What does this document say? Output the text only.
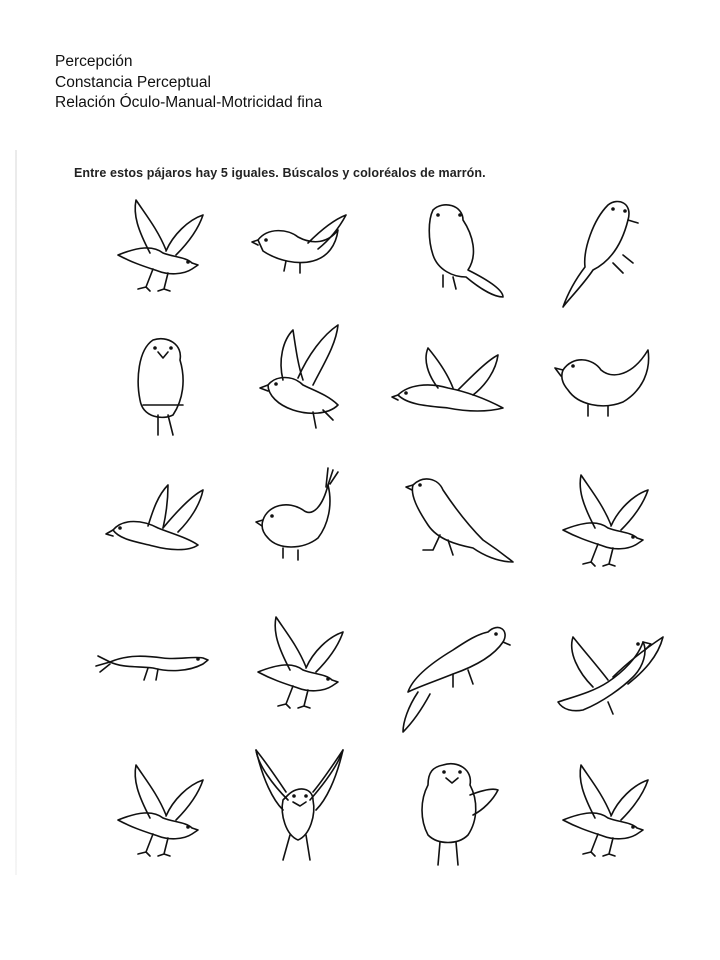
Percepción
Constancia Perceptual
Relación Óculo-Manual-Motricidad fina
Entre estos pájaros hay 5 iguales. Búscalos y coloréalos de marrón.
